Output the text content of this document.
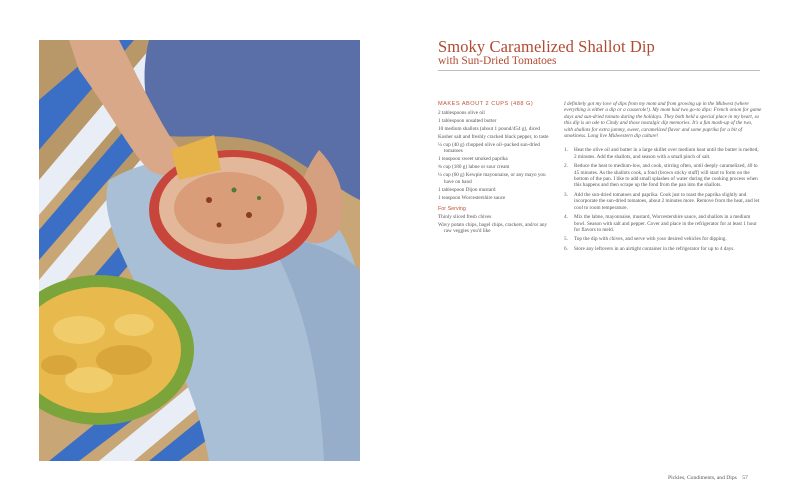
Smoky Caramelized Shallot Dip
with Sun-Dried Tomatoes
MAKES ABOUT 2 CUPS (488 G)
2 tablespoons olive oil
1 tablespoon unsalted butter
10 medium shallots (about 1 pound/454 g), diced
Kosher salt and freshly cracked black pepper, to taste
¼ cup (40 g) chopped olive oil–packed sun-dried tomatoes
1 teaspoon sweet smoked paprika
¾ cup (180 g) labne or sour cream
¼ cup (60 g) Kewpie mayonnaise, or any mayo you have on hand
1 tablespoon Dijon mustard
1 teaspoon Worcestershire sauce
For Serving
Thinly sliced fresh chives
Wavy potato chips, bagel chips, crackers, and/or any raw veggies you'd like
I definitely got my love of dips from my mom and from growing up in the Midwest (where everything is either a dip or a casserole!). My mom had two go-to dips: French onion for game days and sun-dried tomato during the holidays. They both held a special place in my heart, so this dip is an ode to Cindy and those nostalgic dip memories. It's a fun mash-up of the two, with shallots for extra jammy, sweet, caramelized flavor and some paprika for a bit of smokiness. Long live Midwestern dip culture!
1. Heat the olive oil and butter in a large skillet over medium heat until the butter is melted, 2 minutes. Add the shallots, and season with a small pinch of salt.
2. Reduce the heat to medium-low, and cook, stirring often, until deeply caramelized, 40 to 45 minutes. As the shallots cook, a fond (brown sticky stuff) will start to form on the bottom of the pan. I like to add small splashes of water during the cooking process when this happens and then scrape up the fond from the pan into the shallots.
3. Add the sun-dried tomatoes and paprika. Cook just to toast the paprika slightly and incorporate the sun-dried tomatoes, about 2 minutes more. Remove from the heat, and let cool to room temperature.
4. Mix the labne, mayonnaise, mustard, Worcestershire sauce, and shallots in a medium bowl. Season with salt and pepper. Cover and place in the refrigerator for at least 1 hour for flavors to meld.
5. Top the dip with chives, and serve with your desired vehicles for dipping.
6. Store any leftovers in an airtight container in the refrigerator for up to 4 days.
Pickles, Condiments, and Dips 57
